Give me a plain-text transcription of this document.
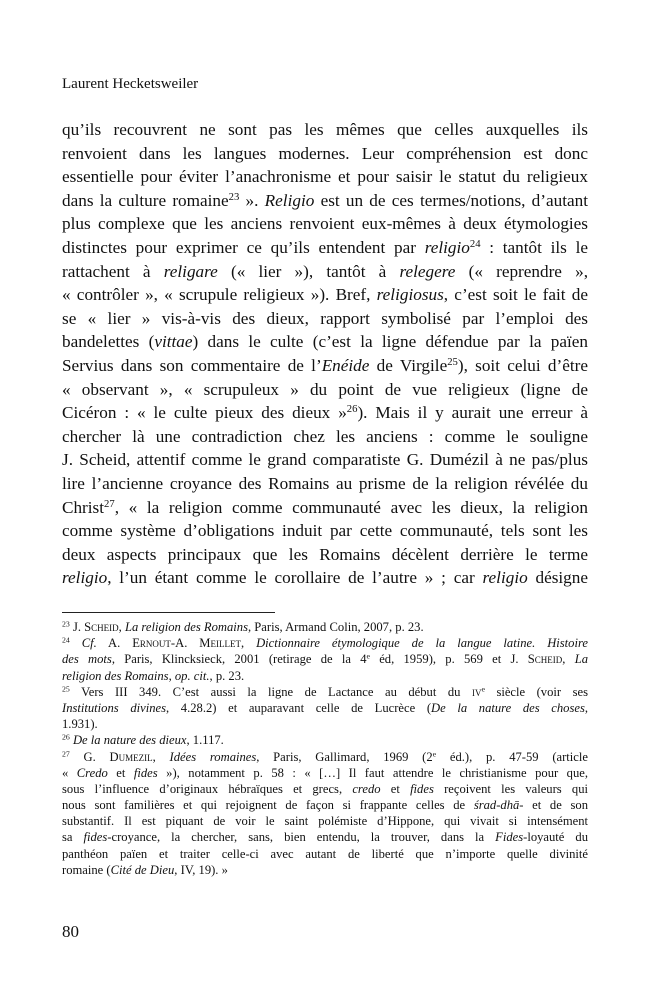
Laurent Hecketsweiler
qu’ils recouvrent ne sont pas les mêmes que celles auxquelles ils
renvoient dans les langues modernes. Leur compréhension est donc
essentielle pour éviter l’anachronisme et pour saisir le statut du religieux
dans la culture romaine$^{23}$ ». Religio est un de ces termes/notions, d’autant
plus complexe que les anciens renvoient eux-mêmes à deux étymologies
distinctes pour exprimer ce qu’ils entendent par religio$^{24}$ : tantôt ils le
rattachent à religare (« lier »), tantôt à relegere (« reprendre »,
« contrôler », « scrupule religieux »). Bref, religiosus, c’est soit le fait de
se « lier » vis-à-vis des dieux, rapport symbolisé par l’emploi des
bandelettes (vittae) dans le culte (c’est la ligne défendue par la païen
Servius dans son commentaire de l’Enéide de Virgile$^{25}$), soit celui d’être
« observant », « scrupuleux » du point de vue religieux (ligne de
Cicéron : « le culte pieux des dieux »$^{26}$). Mais il y aurait une erreur à
chercher là une contradiction chez les anciens : comme le souligne
J. Scheid, attentif comme le grand comparatiste G. Dumézil à ne pas/plus
lire l’ancienne croyance des Romains au prisme de la religion révélée du
Christ$^{27}$, « la religion comme communauté avec les dieux, la religion
comme système d’obligations induit par cette communauté, tels sont les
deux aspects principaux que les Romains décèlent derrière le terme
religio, l’un étant comme le corollaire de l’autre » ; car religio désigne
$^{23}$ J. Scheid, La religion des Romains, Paris, Armand Colin, 2007, p. 23.
$^{24}$ Cf. A. Ernout-A. Meillet, Dictionnaire étymologique de la langue latine. Histoire
des mots, Paris, Klincksieck, 2001 (retirage de la 4e éd, 1959), p. 569 et J. Scheid, La
religion des Romains, op. cit., p. 23.
$^{25}$ Vers III 349. C’est aussi la ligne de Lactance au début du $iv^e$ siècle (voir ses
Institutions divines, 4.28.2) et auparavant celle de Lucrèce (De la nature des choses,
1.931).
$^{26}$ De la nature des dieux, 1.117.
$^{27}$ G. Dumezil, Idées romaines, Paris, Gallimard, 1969 (2e éd.), p. 47-59 (article
« Credo et fides »), notamment p. 58 : « […] Il faut attendre le christianisme pour que,
sous l’influence d’originaux hébraïques et grecs, credo et fides reçoivent les valeurs qui
nous sont familières et qui rejoignent de façon si frappante celles de śrad-dhā- et de son
substantif. Il est piquant de voir le saint polémiste d’Hippone, qui vivait si intensément
sa fides-croyance, la chercher, sans, bien entendu, la trouver, dans la Fides-loyauté du
panthéon païen et traiter celle-ci avec autant de liberté que n’importe quelle divinité
romaine (Cité de Dieu, IV, 19). »
80
